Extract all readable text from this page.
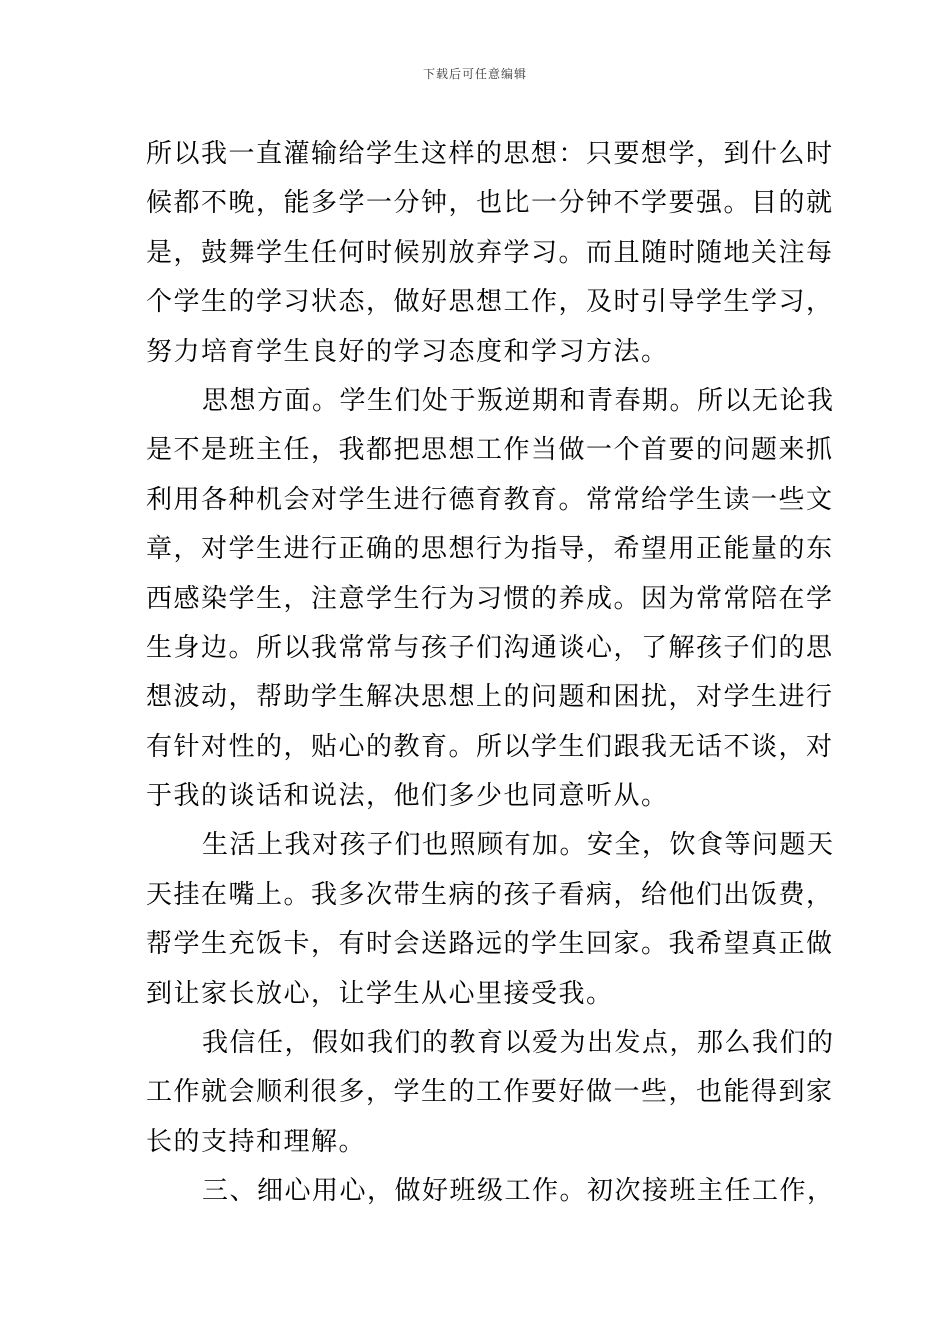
下载后可任意编辑
所以我一直灌输给学生这样的思想：只要想学，到什么时
候都不晚，能多学一分钟，也比一分钟不学要强。目的就
是，鼓舞学生任何时候别放弃学习。而且随时随地关注每
个学生的学习状态，做好思想工作，及时引导学生学习，
努力培育学生良好的学习态度和学习方法。
思想方面。学生们处于叛逆期和青春期。所以无论我
是不是班主任，我都把思想工作当做一个首要的问题来抓
利用各种机会对学生进行德育教育。常常给学生读一些文
章，对学生进行正确的思想行为指导，希望用正能量的东
西感染学生，注意学生行为习惯的养成。因为常常陪在学
生身边。所以我常常与孩子们沟通谈心，了解孩子们的思
想波动，帮助学生解决思想上的问题和困扰，对学生进行
有针对性的，贴心的教育。所以学生们跟我无话不谈，对
于我的谈话和说法，他们多少也同意听从。
生活上我对孩子们也照顾有加。安全，饮食等问题天
天挂在嘴上。我多次带生病的孩子看病，给他们出饭费，
帮学生充饭卡，有时会送路远的学生回家。我希望真正做
到让家长放心，让学生从心里接受我。
我信任，假如我们的教育以爱为出发点，那么我们的
工作就会顺利很多，学生的工作要好做一些，也能得到家
长的支持和理解。
三、细心用心，做好班级工作。初次接班主任工作，
